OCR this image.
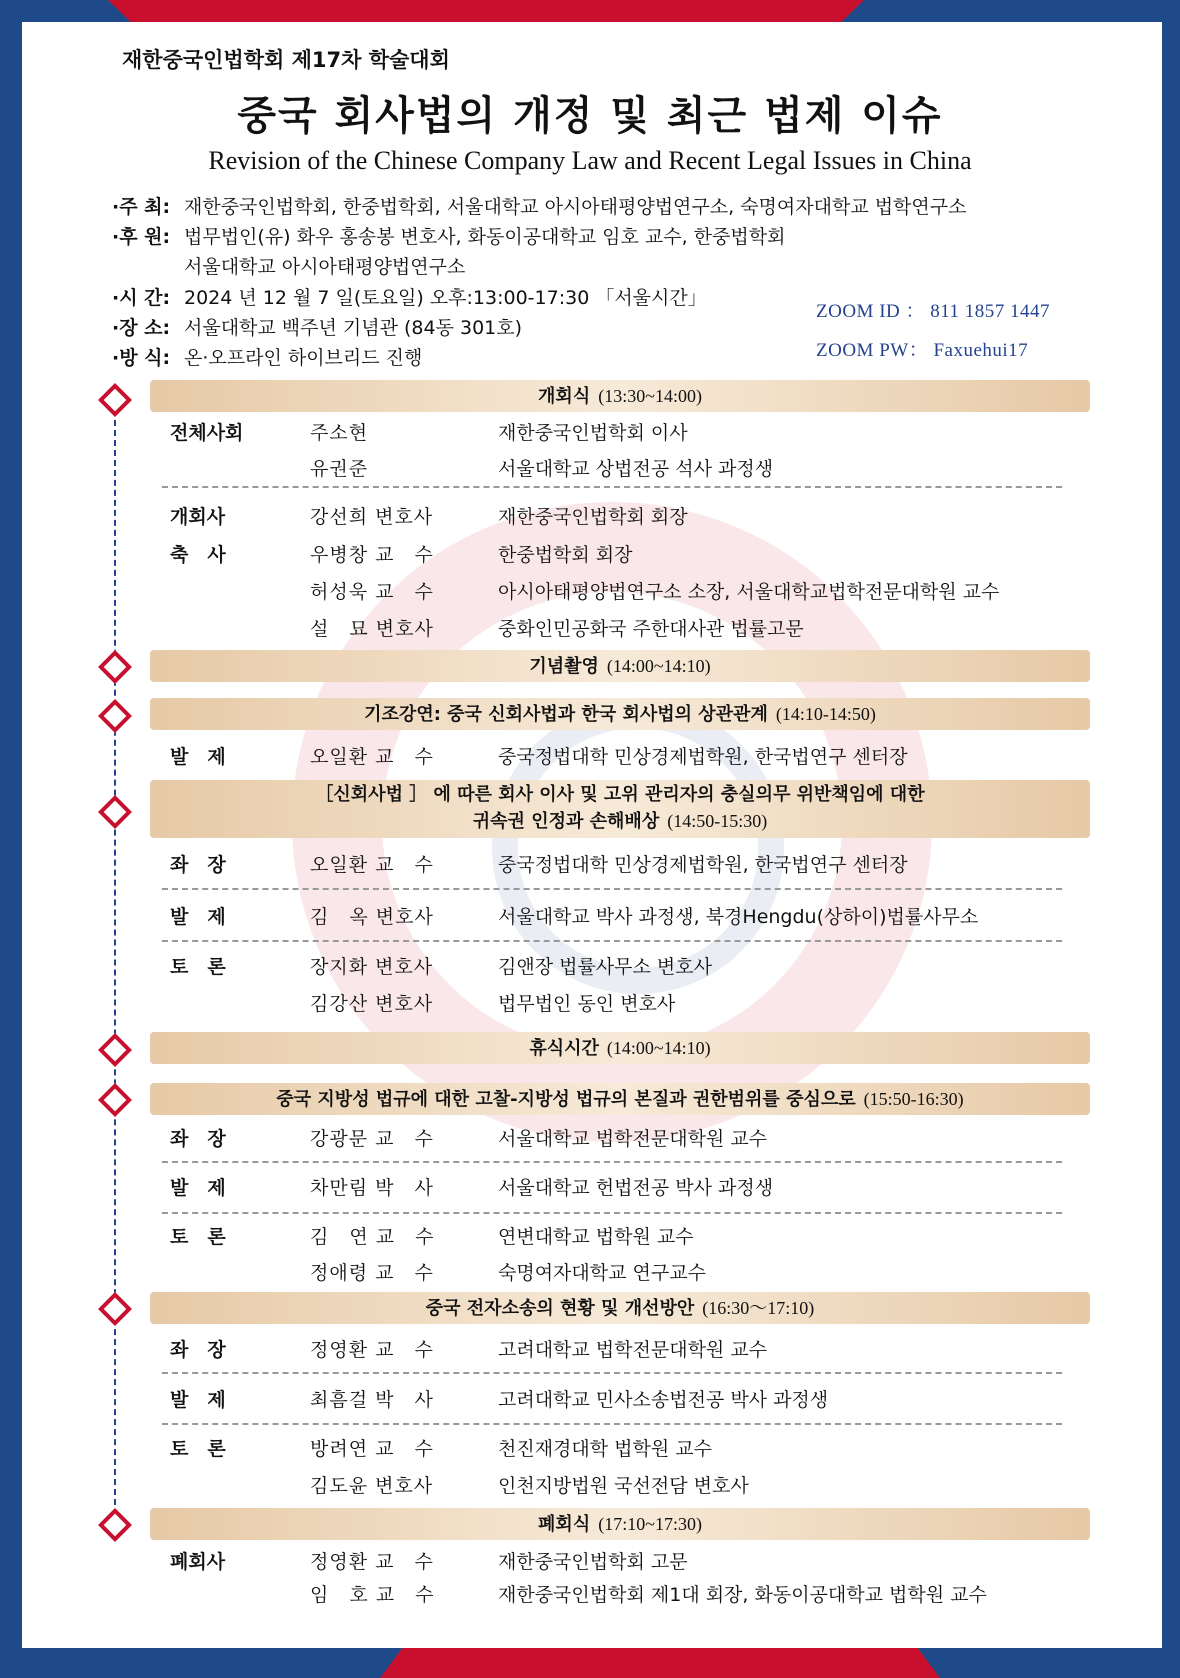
재한중국인법학회 제17차 학술대회
중국 회사법의 개정 및 최근 법제 이슈
Revision of the Chinese Company Law and Recent Legal Issues in China
·주 최: 재한중국인법학회, 한중법학회, 서울대학교 아시아태평양법연구소, 숙명여자대학교 법학연구소
·후 원: 법무법인(유) 화우 홍송봉 변호사, 화동이공대학교 임호 교수, 한중법학회
서울대학교 아시아태평양법연구소
·시 간: 2024 년 12 월 7 일(토요일) 오후:13:00-17:30 「서울시간」
·장 소: 서울대학교 백주년 기념관 (84동 301호)
·방 식: 온·오프라인 하이브리드 진행
ZOOM ID ： 811 1857 1447
ZOOM PW： Faxuehui17
개회식 (13:30~14:00)
기념촬영 (14:00~14:10)
기조강연: 중국 신회사법과 한국 회사법의 상관관계 (14:10-14:50)
［신회사법 ］ 에 따른 회사 이사 및 고위 관리자의 충실의무 위반책임에 대한
귀속권 인정과 손해배상 (14:50-15:30)
휴식시간 (14:00~14:10)
중국 지방성 법규에 대한 고찰-지방성 법규의 본질과 권한범위를 중심으로 (15:50-16:30)
중국 전자소송의 현황 및 개선방안 (16:30～17:10)
폐회식 (17:10~17:30)
전체사회	주소현	재한중국인법학회 이사
유권준	서울대학교 상법전공 석사 과정생
개회사	강선희 변호사	재한중국인법학회 회장
축　사	우병창 교　수	한중법학회 회장
허성욱 교　수	아시아태평양법연구소 소장, 서울대학교법학전문대학원 교수
설　묘 변호사	중화인민공화국 주한대사관 법률고문
발　제	오일환 교　수	중국정법대학 민상경제법학원, 한국법연구 센터장
좌　장	오일환 교　수	중국정법대학 민상경제법학원, 한국법연구 센터장
발　제	김　옥 변호사	서울대학교 박사 과정생, 북경Hengdu(상하이)법률사무소
토　론	장지화 변호사	김앤장 법률사무소 변호사
김강산 변호사	법무법인 동인 변호사
좌　장	강광문 교　수	서울대학교 법학전문대학원 교수
발　제	차만림 박　사	서울대학교 헌법전공 박사 과정생
토　론	김　연 교　수	연변대학교 법학원 교수
정애령 교　수	숙명여자대학교 연구교수
좌　장	정영환 교　수	고려대학교 법학전문대학원 교수
발　제	최흠걸 박　사	고려대학교 민사소송법전공 박사 과정생
토　론	방려연 교　수	천진재경대학 법학원 교수
김도윤 변호사	인천지방법원 국선전담 변호사
폐회사	정영환 교　수	재한중국인법학회 고문
임　호 교　수	재한중국인법학회 제1대 회장, 화동이공대학교 법학원 교수
